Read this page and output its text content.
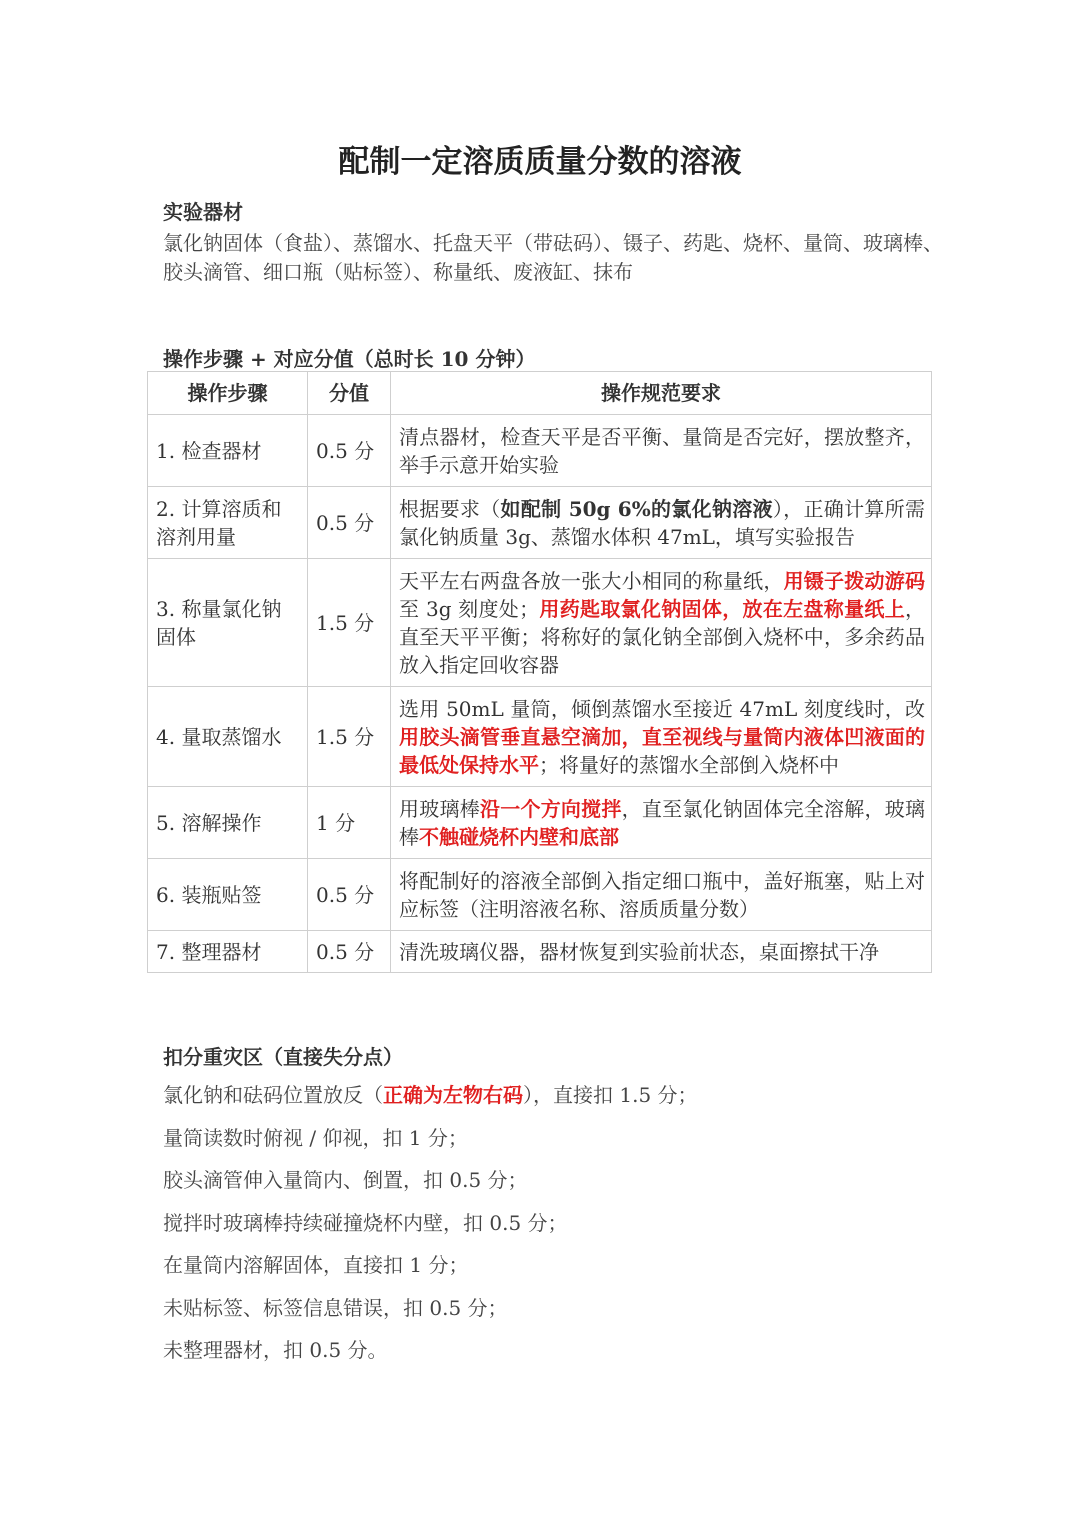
配制一定溶质质量分数的溶液
实验器材
氯化钠固体（食盐）、蒸馏水、托盘天平（带砝码）、镊子、药匙、烧杯、量筒、玻璃棒、胶头滴管、细口瓶（贴标签）、称量纸、废液缸、抹布
操作步骤 + 对应分值（总时长 10 分钟）
操作步骤	分值	操作规范要求
1. 检查器材	0.5 分	清点器材，检查天平是否平衡、量筒是否完好，摆放整齐，举手示意开始实验
2. 计算溶质和溶剂用量	0.5 分	根据要求（如配制 50g 6%的氯化钠溶液），正确计算所需氯化钠质量 3g、蒸馏水体积 47mL，填写实验报告
3. 称量氯化钠固体	1.5 分	天平左右两盘各放一张大小相同的称量纸，用镊子拨动游码至 3g 刻度处；用药匙取氯化钠固体，放在左盘称量纸上，直至天平平衡；将称好的氯化钠全部倒入烧杯中，多余药品放入指定回收容器
4. 量取蒸馏水	1.5 分	选用 50mL 量筒，倾倒蒸馏水至接近 47mL 刻度线时，改用胶头滴管垂直悬空滴加，直至视线与量筒内液体凹液面的最低处保持水平；将量好的蒸馏水全部倒入烧杯中
5. 溶解操作	1 分	用玻璃棒沿一个方向搅拌，直至氯化钠固体完全溶解，玻璃棒不触碰烧杯内壁和底部
6. 装瓶贴签	0.5 分	将配制好的溶液全部倒入指定细口瓶中，盖好瓶塞，贴上对应标签（注明溶液名称、溶质质量分数）
7. 整理器材	0.5 分	清洗玻璃仪器，器材恢复到实验前状态，桌面擦拭干净
扣分重灾区（直接失分点）
氯化钠和砝码位置放反（正确为左物右码），直接扣 1.5 分；
量筒读数时俯视 / 仰视，扣 1 分；
胶头滴管伸入量筒内、倒置，扣 0.5 分；
搅拌时玻璃棒持续碰撞烧杯内壁，扣 0.5 分；
在量筒内溶解固体，直接扣 1 分；
未贴标签、标签信息错误，扣 0.5 分；
未整理器材，扣 0.5 分。
